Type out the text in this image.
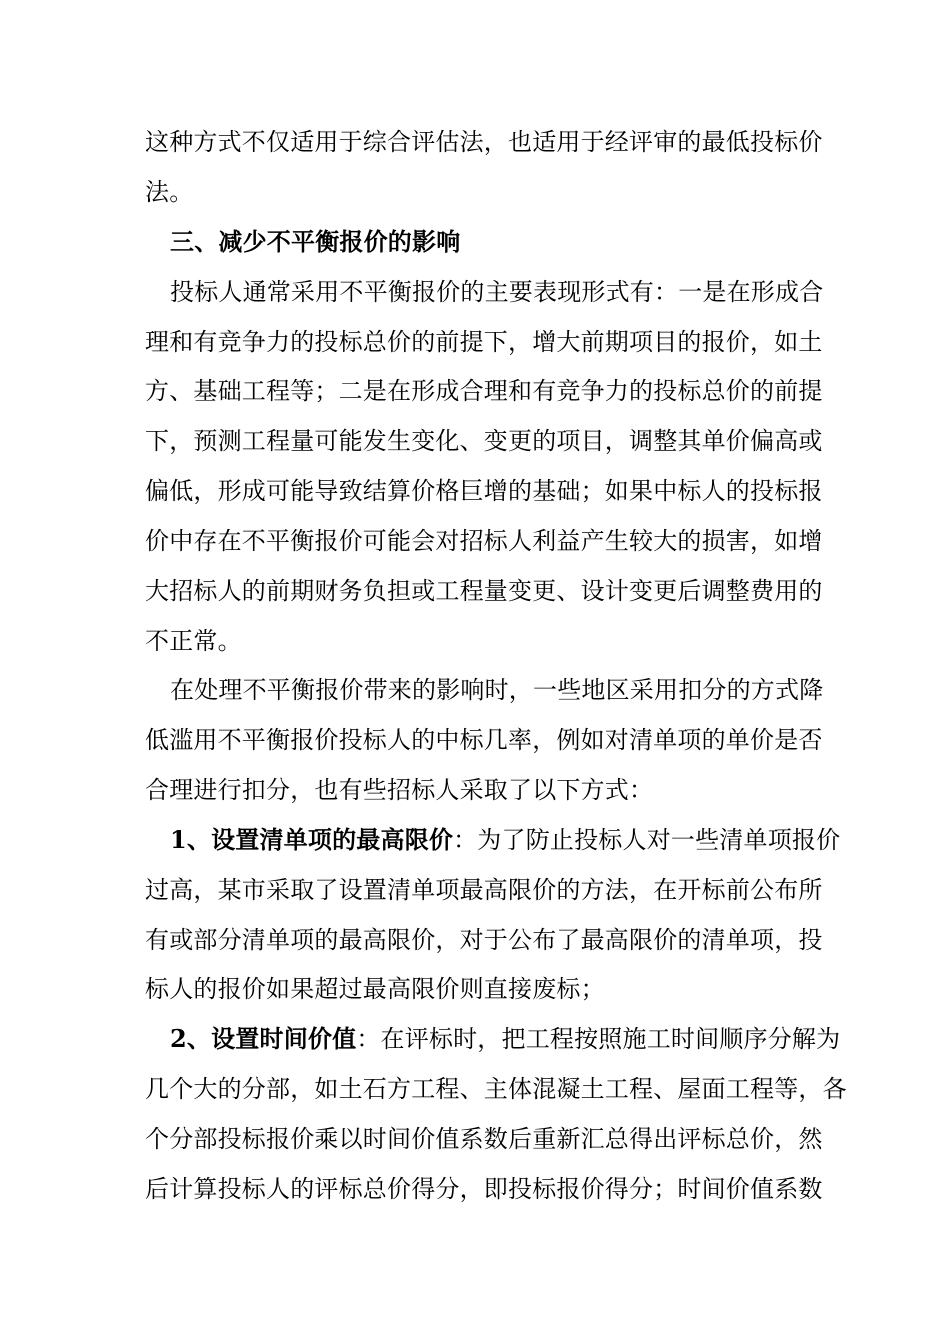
这种方式不仅适用于综合评估法，也适用于经评审的最低投标价
法。
三、减少不平衡报价的影响
投标人通常采用不平衡报价的主要表现形式有：一是在形成合
理和有竞争力的投标总价的前提下，增大前期项目的报价，如土
方、基础工程等；二是在形成合理和有竞争力的投标总价的前提
下，预测工程量可能发生变化、变更的项目，调整其单价偏高或
偏低，形成可能导致结算价格巨增的基础；如果中标人的投标报
价中存在不平衡报价可能会对招标人利益产生较大的损害，如增
大招标人的前期财务负担或工程量变更、设计变更后调整费用的
不正常。
在处理不平衡报价带来的影响时，一些地区采用扣分的方式降
低滥用不平衡报价投标人的中标几率，例如对清单项的单价是否
合理进行扣分，也有些招标人采取了以下方式：
1、设置清单项的最高限价：为了防止投标人对一些清单项报价
过高，某市采取了设置清单项最高限价的方法，在开标前公布所
有或部分清单项的最高限价，对于公布了最高限价的清单项，投
标人的报价如果超过最高限价则直接废标；
2、设置时间价值：在评标时，把工程按照施工时间顺序分解为
几个大的分部，如土石方工程、主体混凝土工程、屋面工程等，各
个分部投标报价乘以时间价值系数后重新汇总得出评标总价，然
后计算投标人的评标总价得分，即投标报价得分；时间价值系数
